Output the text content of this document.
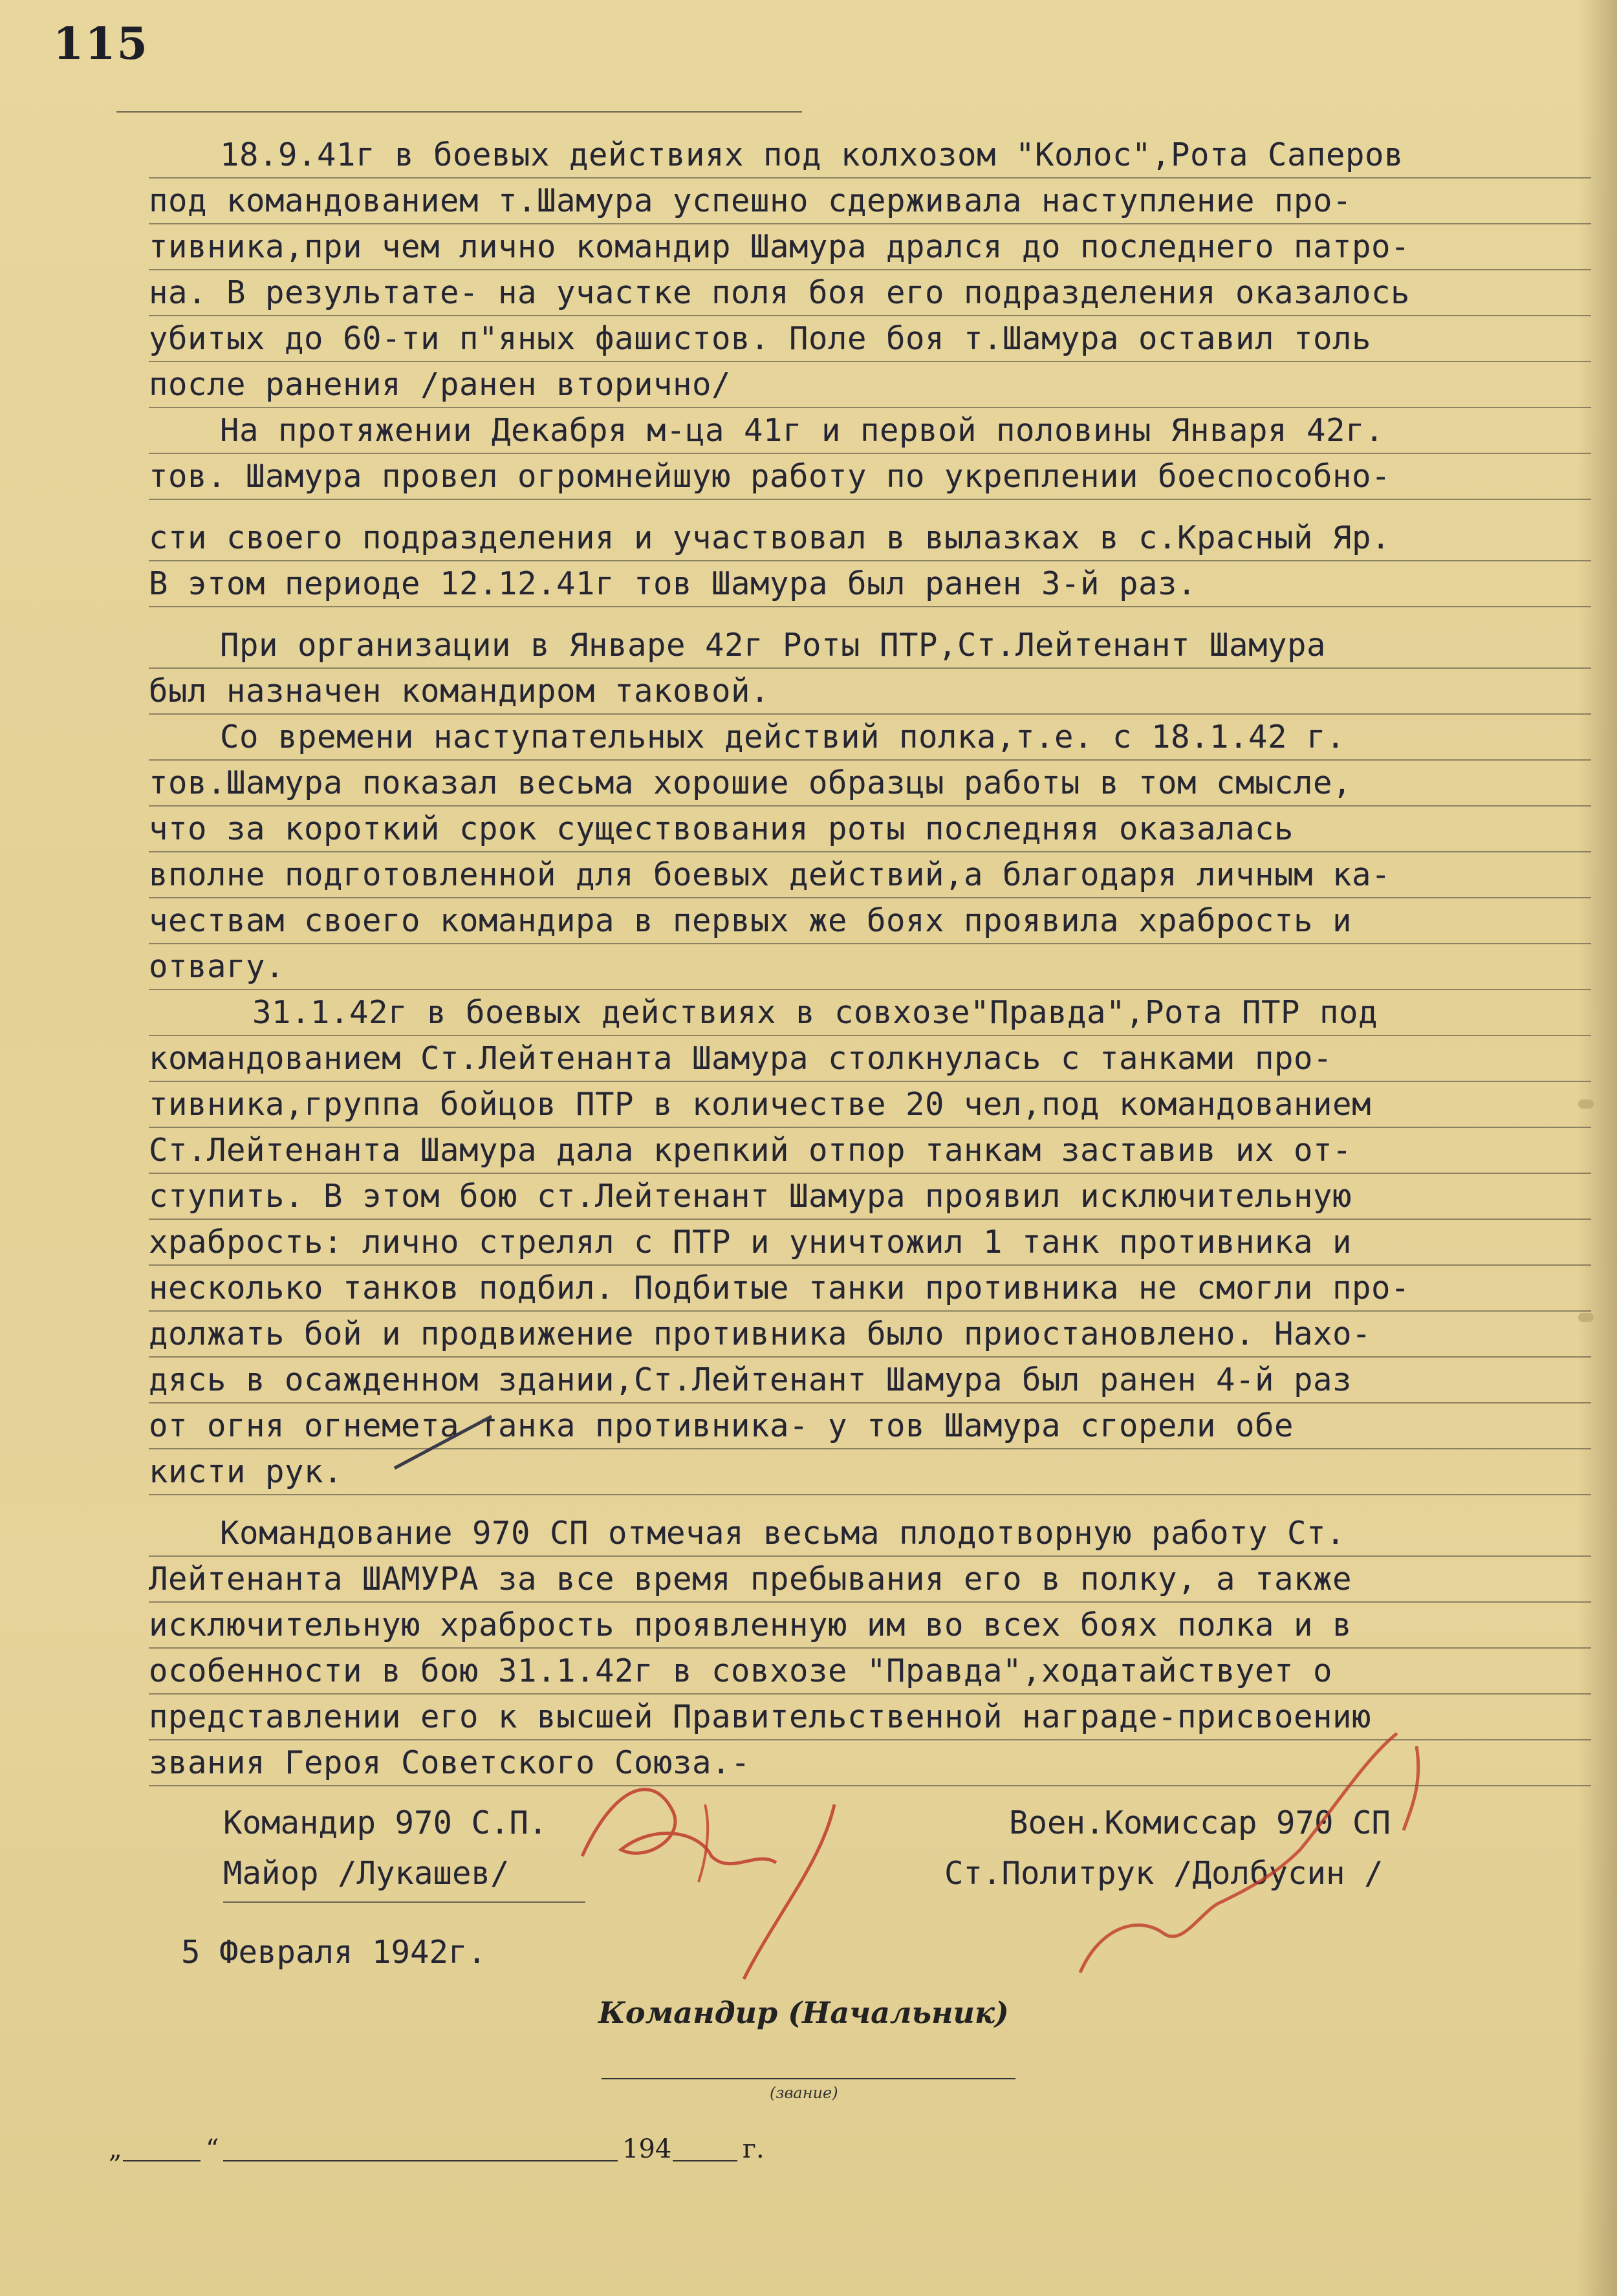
115
18.9.41г в боевых действиях под колхозом "Колос",Рота Саперов
под командованием т.Шамура успешно сдерживала наступление про-
тивника,при чем лично командир Шамура дрался до последнего патро-
на. В результате- на участке поля боя его подразделения оказалось
убитых до 60-ти п"яных фашистов. Поле боя т.Шамура оставил толь
после ранения /ранен вторично/
На протяжении Декабря м-ца 41г и первой половины Января 42г.
тов. Шамура провел огромнейшую работу по укреплении боеспособно-
сти своего подразделения и участвовал в вылазках в с.Красный Яр.
В этом периоде 12.12.41г тов Шамура был ранен 3-й раз.
При организации в Январе 42г Роты ПТР,Ст.Лейтенант Шамура
был назначен командиром таковой.
Со времени наступательных действий полка,т.е. с 18.1.42 г.
тов.Шамура показал весьма хорошие образцы работы в том смысле,
что за короткий срок существования роты последняя оказалась
вполне подготовленной для боевых действий,а благодаря личным ка-
чествам своего командира в первых же боях проявила храбрость и
отвагу.
31.1.42г в боевых действиях в совхозе"Правда",Рота ПТР под
командованием Ст.Лейтенанта Шамура столкнулась с танками про-
тивника,группа бойцов ПТР в количестве 20 чел,под командованием
Ст.Лейтенанта Шамура дала крепкий отпор танкам заставив их от-
ступить. В этом бою ст.Лейтенант Шамура проявил исключительную
храбрость: лично стрелял с ПТР и уничтожил 1 танк противника и
несколько танков подбил. Подбитые танки противника не смогли про-
должать бой и продвижение противника было приостановлено. Нахо-
дясь в осажденном здании,Ст.Лейтенант Шамура был ранен 4-й раз
от огня огнемета танка противника- у тов Шамура сгорели обе
кисти рук.
Командование 970 СП отмечая весьма плодотворную работу Ст.
Лейтенанта ШАМУРА за все время пребывания его в полку, а также
исключительную храбрость проявленную им во всех боях полка и в
особенности в бою 31.1.42г в совхозе "Правда",ходатайствует о
представлении его к высшей Правительственной награде-присвоению
звания Героя Советского Союза.-
Командир 970 С.П.
Майор /Лукашев/
Воен.Комиссар 970 СП
Ст.Политрук /Долбусин /
5 Февраля 1942г.
Командир (Начальник)
(звание)
„	“	194	г.
